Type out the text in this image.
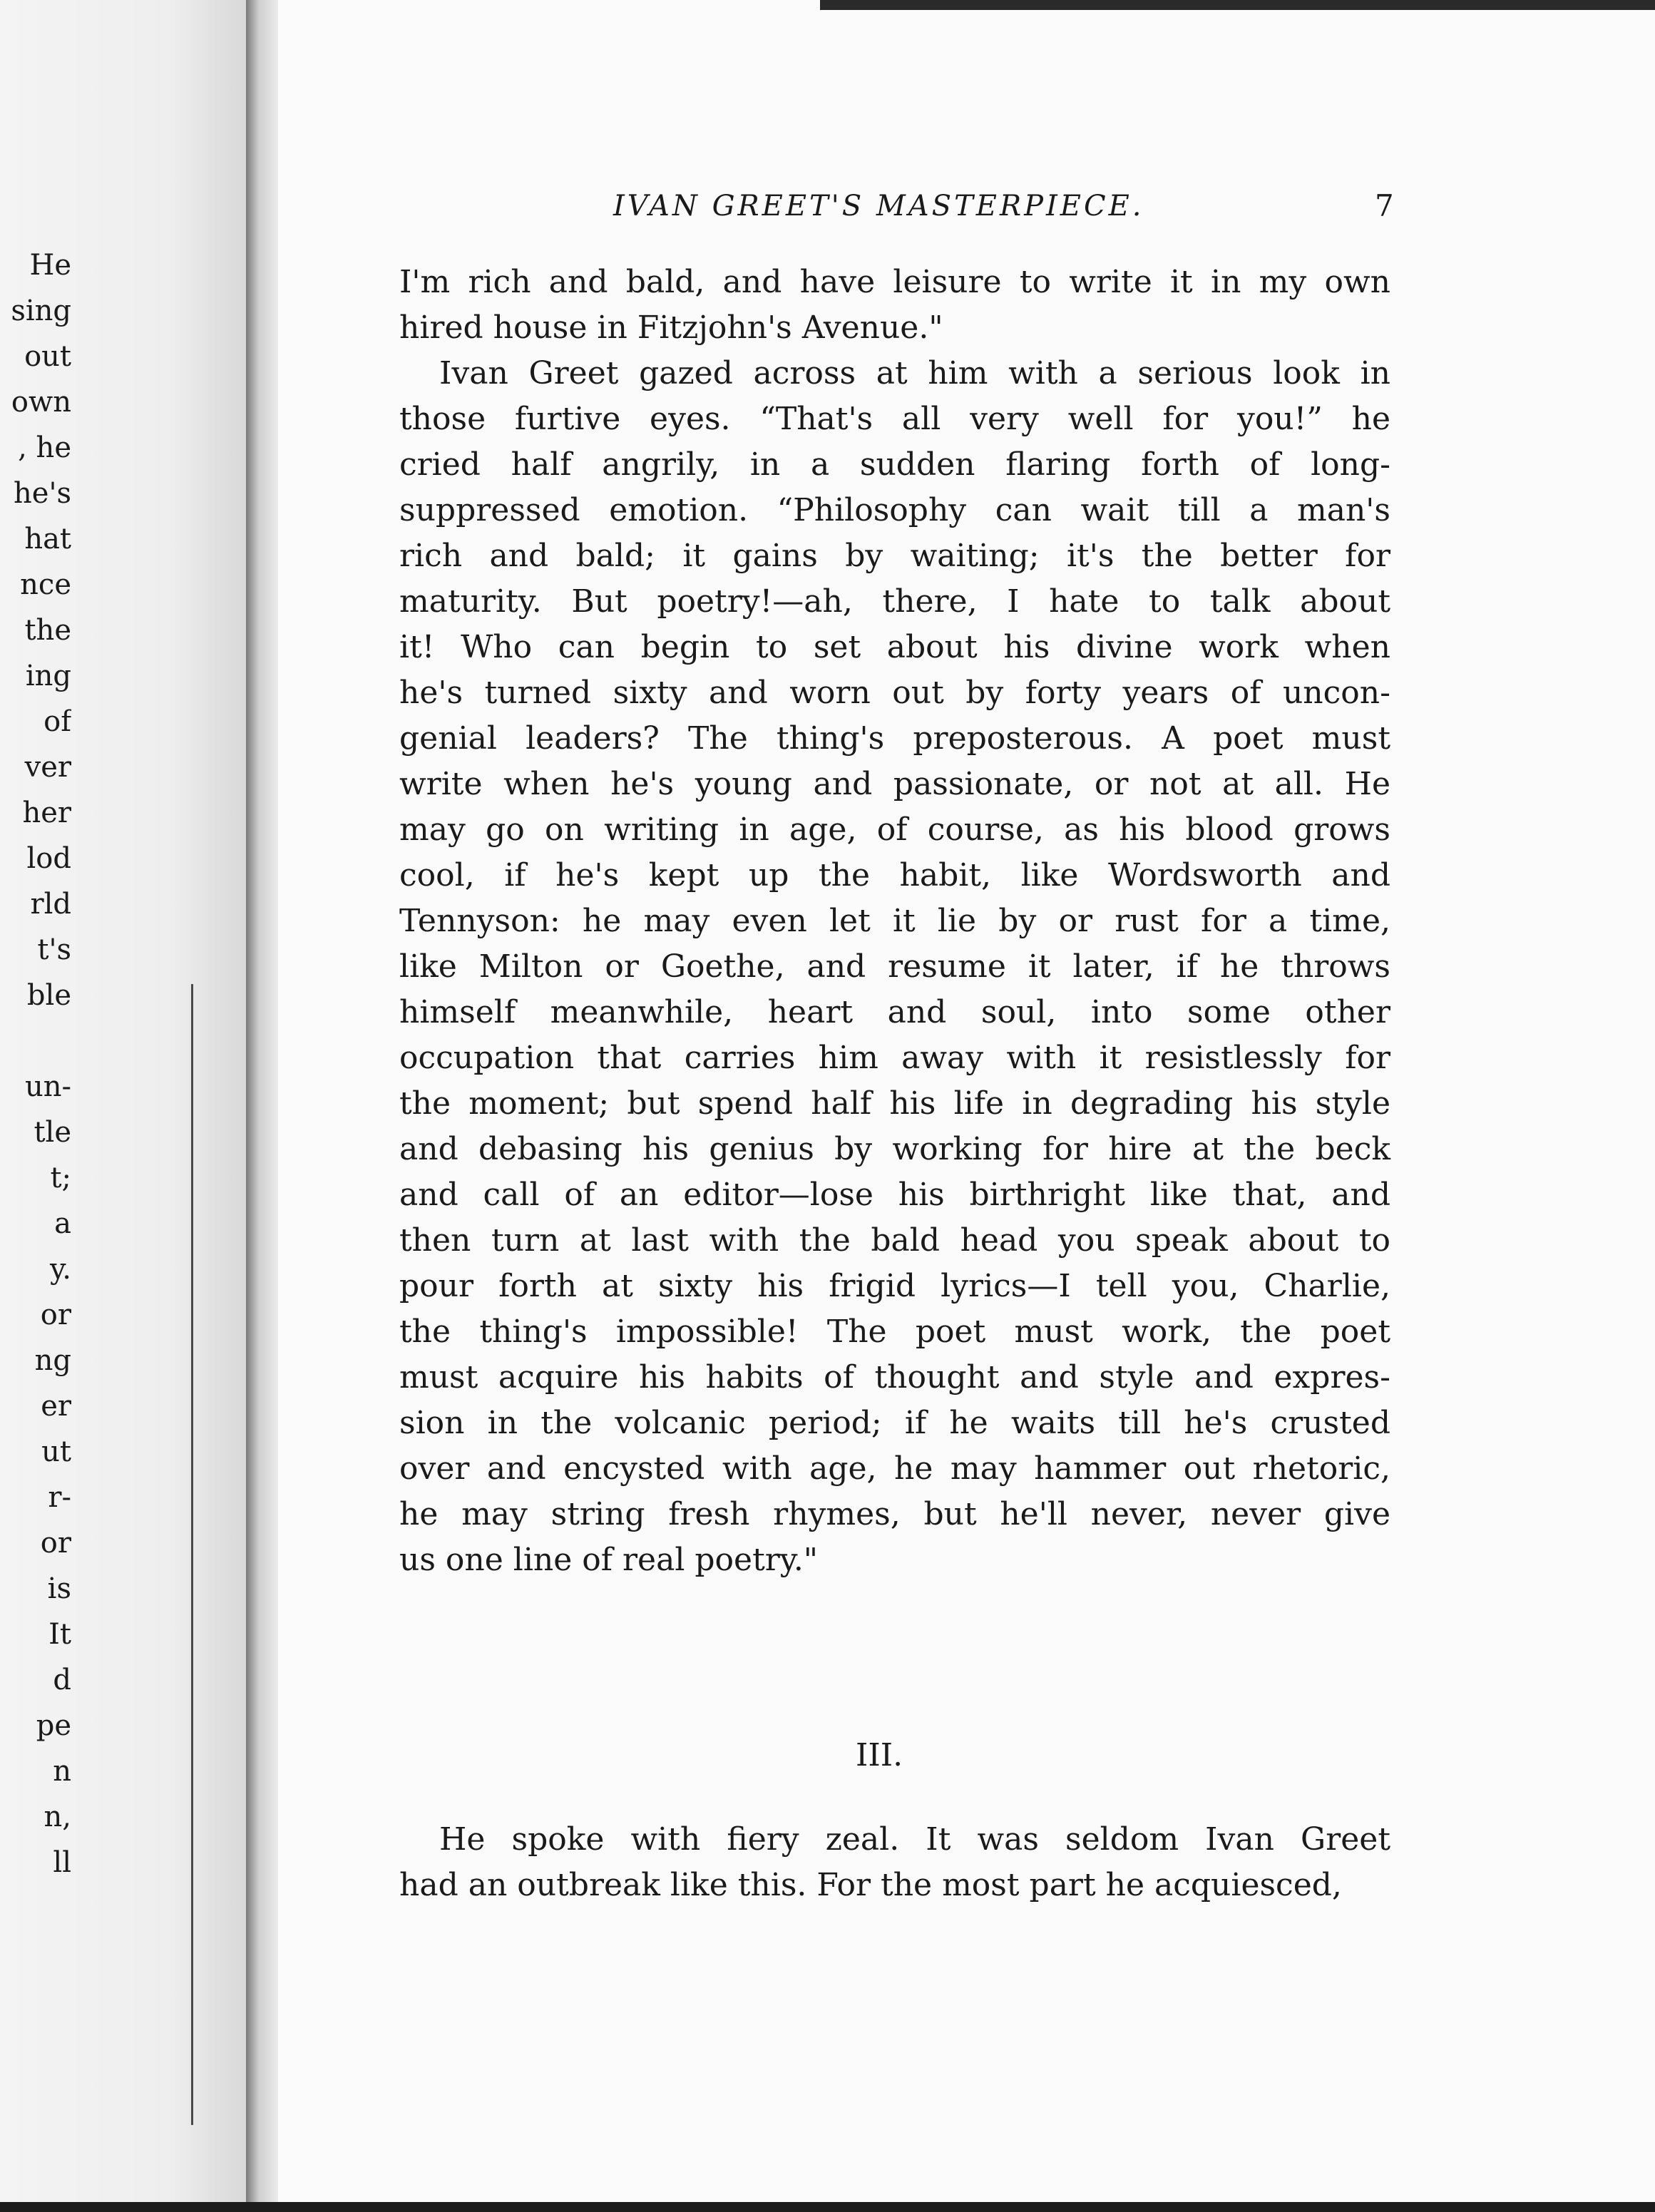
He
sing
out
own
, he
he's
hat
nce
the
ing
of
ver
her
lod
rld
t's
ble
un-
tle
t;
a
y.
or
ng
er
ut
r-
or
is
It
d
pe
n
n,
ll
IVAN GREET'S MASTERPIECE.	7
I'm rich and bald, and have leisure to write it in my own
hired house in Fitzjohn's Avenue."
Ivan Greet gazed across at him with a serious look in
those furtive eyes. “That's all very well for you!” he
cried half angrily, in a sudden flaring forth of long-
suppressed emotion. “Philosophy can wait till a man's
rich and bald; it gains by waiting; it's the better for
maturity. But poetry!—ah, there, I hate to talk about
it! Who can begin to set about his divine work when
he's turned sixty and worn out by forty years of uncon-
genial leaders? The thing's preposterous. A poet must
write when he's young and passionate, or not at all. He
may go on writing in age, of course, as his blood grows
cool, if he's kept up the habit, like Wordsworth and
Tennyson: he may even let it lie by or rust for a time,
like Milton or Goethe, and resume it later, if he throws
himself meanwhile, heart and soul, into some other
occupation that carries him away with it resistlessly for
the moment; but spend half his life in degrading his style
and debasing his genius by working for hire at the beck
and call of an editor—lose his birthright like that, and
then turn at last with the bald head you speak about to
pour forth at sixty his frigid lyrics—I tell you, Charlie,
the thing's impossible! The poet must work, the poet
must acquire his habits of thought and style and expres-
sion in the volcanic period; if he waits till he's crusted
over and encysted with age, he may hammer out rhetoric,
he may string fresh rhymes, but he'll never, never give
us one line of real poetry."
III.
He spoke with fiery zeal. It was seldom Ivan Greet
had an outbreak like this. For the most part he acquiesced,
